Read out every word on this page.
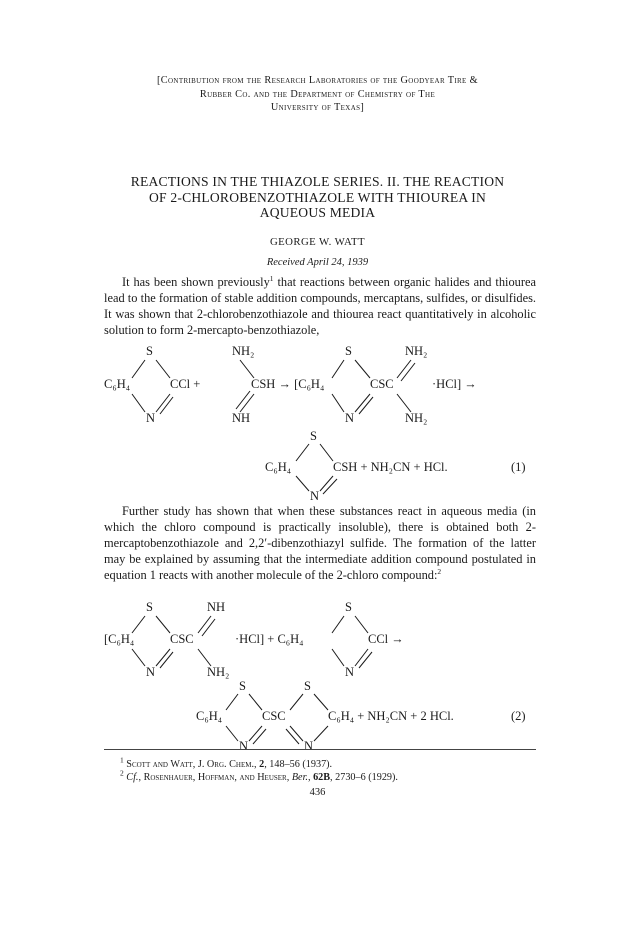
[Contribution from the Research Laboratories of the Goodyear Tire &
Rubber Co. and the Department of Chemistry of The
University of Texas]
REACTIONS IN THE THIAZOLE SERIES. II. THE REACTION
OF 2-CHLOROBENZOTHIAZOLE WITH THIOUREA IN
AQUEOUS MEDIA
GEORGE W. WATT
Received April 24, 1939

It has been shown previously$^1$ that reactions between organic halides and thiourea lead to the formation of stable addition compounds, mercaptans, sulfides, or disulfides. It was shown that 2-chlorobenzothiazole and thiourea react quantitatively in alcoholic solution to form 2-mercapto-benzothiazole,

S
C₆H₄	CCl +
N
NH₂
CSH → [C₆H₄
NH
S
CSC
N
NH₂
·HCl] →
NH₂
S
C₆H₄	CSH + NH₂CN + HCl.
N
(1)

Further study has shown that when these substances react in aqueous media (in which the chloro compound is practically insoluble), there is obtained both 2-mercaptobenzothiazole and 2,2′-dibenzothiazyl sulfide. The formation of the latter may be explained by assuming that the intermediate addition compound postulated in equation 1 reacts with another molecule of the 2-chloro compound:$^2$

S
[C₆H₄	CSC
N
NH
NH₂
·HCl] + C₆H₄
S
CCl →
N
S	S
C₆H₄	CSC	C₆H₄ + NH₂CN + 2 HCl.
N	N
(2)
$^1$ Scott and Watt, J. Org. Chem., 2, 148–56 (1937).
$^2$ Cf., Rosenhauer, Hoffman, and Heuser, Ber., 62B, 2730–6 (1929).
436
